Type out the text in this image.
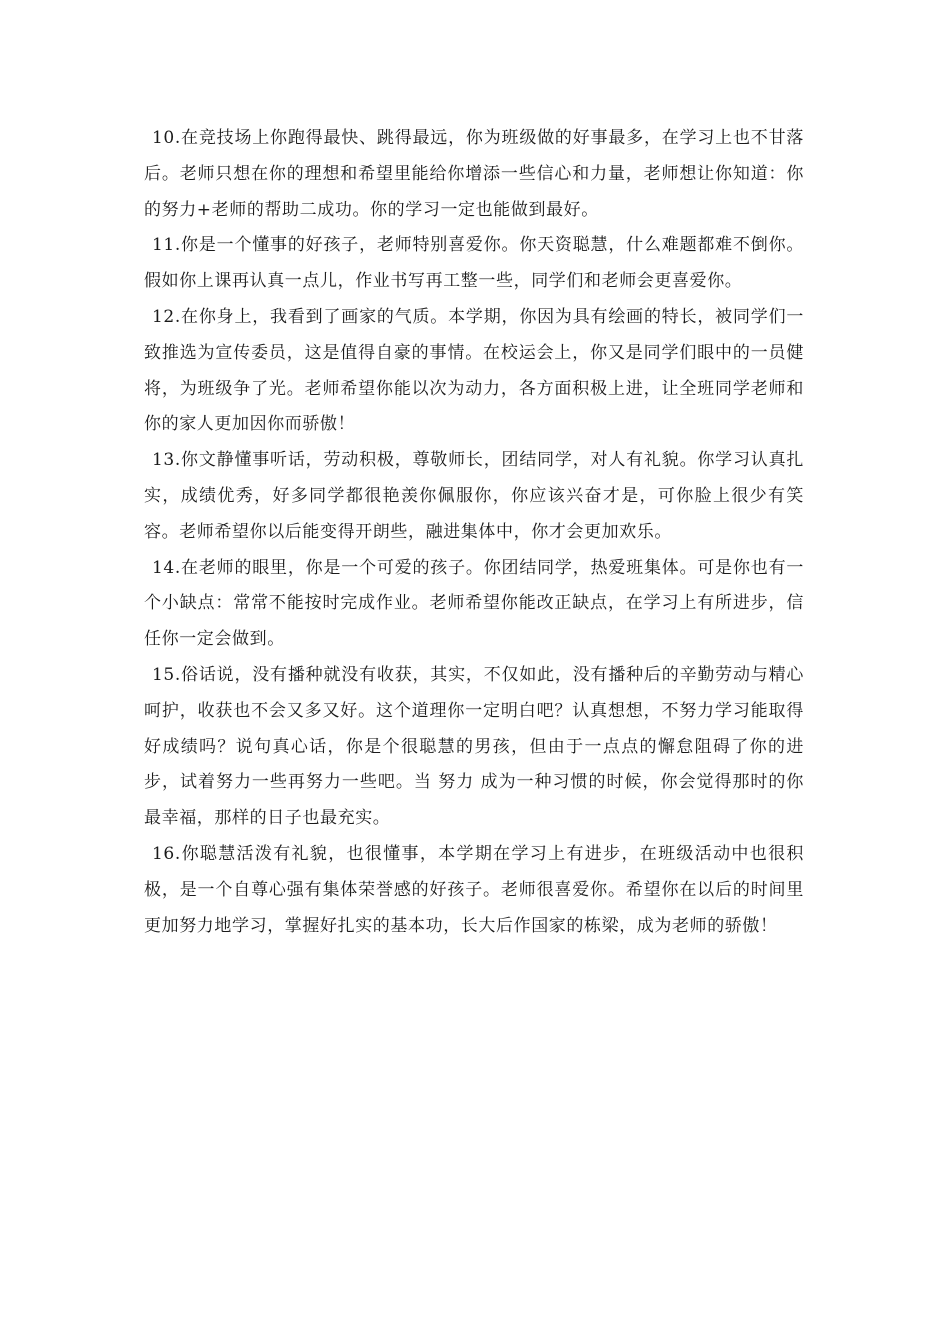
10.在竞技场上你跑得最快、跳得最远，你为班级做的好事最多，在学习上也不甘落后。老师只想在你的理想和希望里能给你增添一些信心和力量，老师想让你知道：你的努力+老师的帮助二成功。你的学习一定也能做到最好。

11.你是一个懂事的好孩子，老师特别喜爱你。你天资聪慧，什么难题都难不倒你。假如你上课再认真一点儿，作业书写再工整一些，同学们和老师会更喜爱你。

12.在你身上，我看到了画家的气质。本学期，你因为具有绘画的特长，被同学们一致推选为宣传委员，这是值得自豪的事情。在校运会上，你又是同学们眼中的一员健将，为班级争了光。老师希望你能以次为动力，各方面积极上进，让全班同学老师和你的家人更加因你而骄傲！

13.你文静懂事听话，劳动积极，尊敬师长，团结同学，对人有礼貌。你学习认真扎实，成绩优秀，好多同学都很艳羡你佩服你，你应该兴奋才是，可你脸上很少有笑容。老师希望你以后能变得开朗些，融进集体中，你才会更加欢乐。

14.在老师的眼里，你是一个可爱的孩子。你团结同学，热爱班集体。可是你也有一个小缺点：常常不能按时完成作业。老师希望你能改正缺点，在学习上有所进步，信任你一定会做到。

15.俗话说，没有播种就没有收获，其实，不仅如此，没有播种后的辛勤劳动与精心呵护，收获也不会又多又好。这个道理你一定明白吧？认真想想，不努力学习能取得好成绩吗？说句真心话，你是个很聪慧的男孩，但由于一点点的懈怠阻碍了你的进步，试着努力一些再努力一些吧。当 努力 成为一种习惯的时候，你会觉得那时的你最幸福，那样的日子也最充实。

16.你聪慧活泼有礼貌，也很懂事，本学期在学习上有进步，在班级活动中也很积极，是一个自尊心强有集体荣誉感的好孩子。老师很喜爱你。希望你在以后的时间里更加努力地学习，掌握好扎实的基本功，长大后作国家的栋梁，成为老师的骄傲！
